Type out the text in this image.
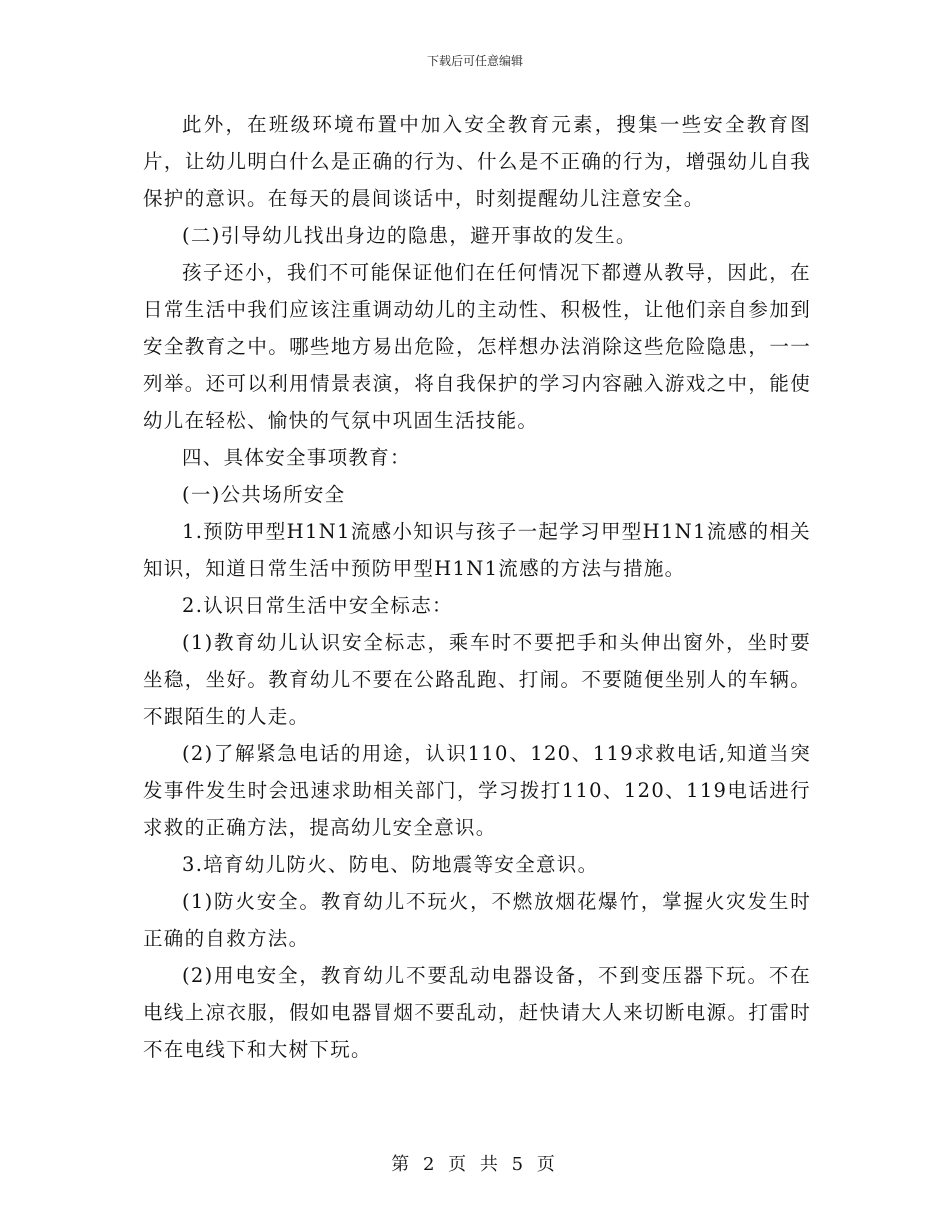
下载后可任意编辑

此外，在班级环境布置中加入安全教育元素，搜集一些安全教育图片，让幼儿明白什么是正确的行为、什么是不正确的行为，增强幼儿自我保护的意识。在每天的晨间谈话中，时刻提醒幼儿注意安全。

(二)引导幼儿找出身边的隐患，避开事故的发生。

孩子还小，我们不可能保证他们在任何情况下都遵从教导，因此，在日常生活中我们应该注重调动幼儿的主动性、积极性，让他们亲自参加到安全教育之中。哪些地方易出危险，怎样想办法消除这些危险隐患，一一列举。还可以利用情景表演，将自我保护的学习内容融入游戏之中，能使幼儿在轻松、愉快的气氛中巩固生活技能。

四、具体安全事项教育：

(一)公共场所安全

1.预防甲型H1N1流感小知识与孩子一起学习甲型H1N1流感的相关知识，知道日常生活中预防甲型H1N1流感的方法与措施。

2.认识日常生活中安全标志：

(1)教育幼儿认识安全标志，乘车时不要把手和头伸出窗外，坐时要坐稳，坐好。教育幼儿不要在公路乱跑、打闹。不要随便坐别人的车辆。不跟陌生的人走。

(2)了解紧急电话的用途，认识110、120、119求救电话,知道当突发事件发生时会迅速求助相关部门，学习拨打110、120、119电话进行求救的正确方法，提高幼儿安全意识。

3.培育幼儿防火、防电、防地震等安全意识。

(1)防火安全。教育幼儿不玩火，不燃放烟花爆竹，掌握火灾发生时正确的自救方法。

(2)用电安全，教育幼儿不要乱动电器设备，不到变压器下玩。不在电线上凉衣服，假如电器冒烟不要乱动，赶快请大人来切断电源。打雷时不在电线下和大树下玩。

第 2 页 共 5 页
